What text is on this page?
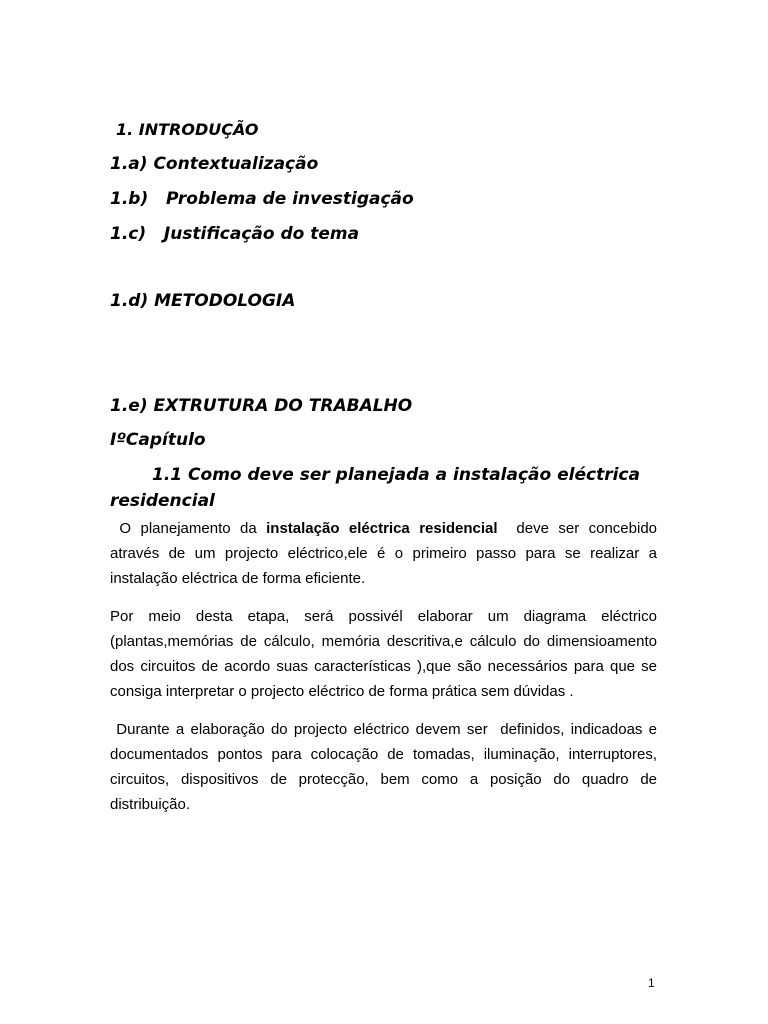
1. INTRODUÇÃO
1.a) Contextualização
1.b)   Problema de investigação
1.c)   Justificação do tema
1.d) METODOLOGIA
1.e) EXTRUTURA DO TRABALHO
IºCapítulo
1.1 Como deve ser planejada a instalação eléctrica
residencial

O planejamento da instalação eléctrica residencial  deve ser concebido através de um projecto eléctrico,ele é o primeiro passo para se realizar a instalação eléctrica de forma eficiente.

Por meio desta etapa, será possivél elaborar um diagrama eléctrico (plantas,memórias de cálculo, memória descritiva,e cálculo do dimensioamento dos circuitos de acordo suas características ),que são necessários para que se consiga interpretar o projecto eléctrico de forma prática sem dúvidas .

Durante a elaboração do projecto eléctrico devem ser  definidos, indicadoas e documentados pontos para colocação de tomadas, iluminação, interruptores, circuitos, dispositivos de protecção, bem como a posição do quadro de distribuição.

1
